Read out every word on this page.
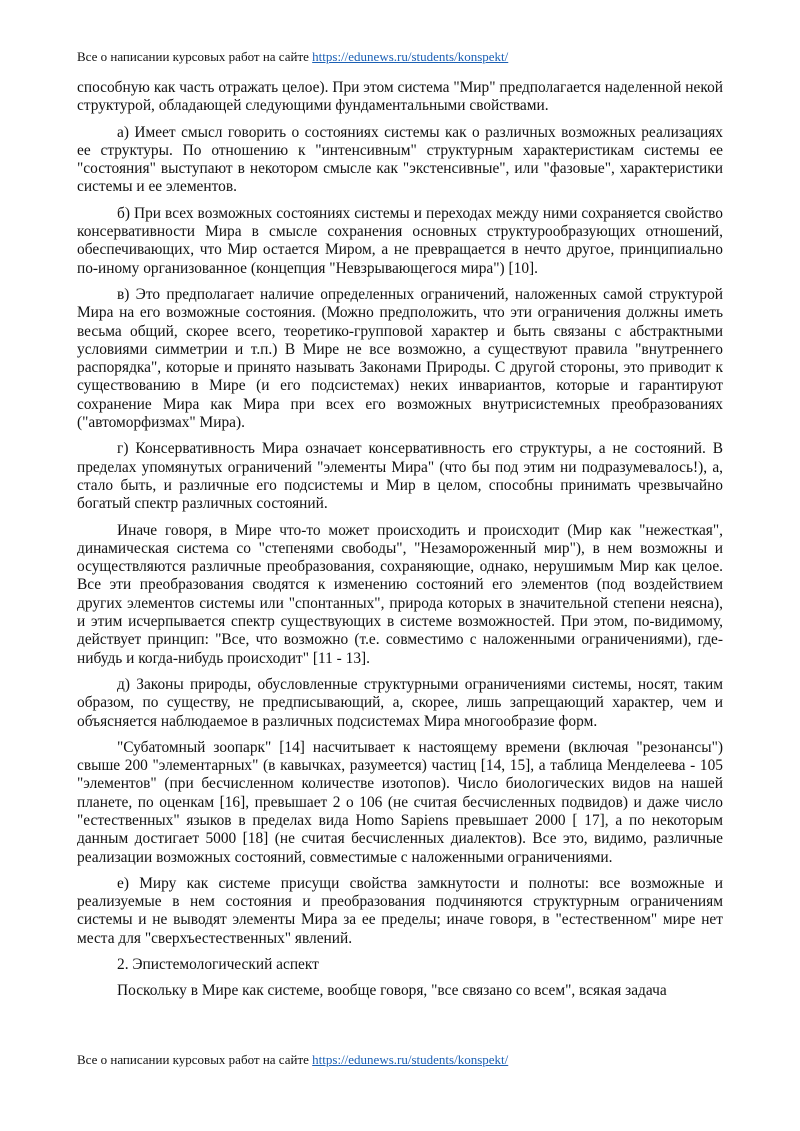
Все о написании курсовых работ на сайте https://edunews.ru/students/konspekt/

способную как часть отражать целое). При этом система "Мир" предполагается наделенной некой структурой, обладающей следующими фундаментальными свойствами.

а) Имеет смысл говорить о состояниях системы как о различных возможных реализациях ее структуры. По отношению к "интенсивным" структурным характеристикам системы ее "состояния" выступают в некотором смысле как "экстенсивные", или "фазовые", характеристики системы и ее элементов.

б) При всех возможных состояниях системы и переходах между ними сохраняется свойство консервативности Мира в смысле сохранения основных структурообразующих отношений, обеспечивающих, что Мир остается Миром, а не превращается в нечто другое, принципиально по-иному организованное (концепция "Невзрывающегося мира") [10].

в) Это предполагает наличие определенных ограничений, наложенных самой структурой Мира на его возможные состояния. (Можно предположить, что эти ограничения должны иметь весьма общий, скорее всего, теоретико-групповой характер и быть связаны с абстрактными условиями симметрии и т.п.) В Мире не все возможно, а существуют правила "внутреннего распорядка", которые и принято называть Законами Природы. С другой стороны, это приводит к существованию в Мире (и его подсистемах) неких инвариантов, которые и гарантируют сохранение Мира как Мира при всех его возможных внутрисистемных преобразованиях ("автоморфизмах" Мира).

г) Консервативность Мира означает консервативность его структуры, а не состояний. В пределах упомянутых ограничений "элементы Мира" (что бы под этим ни подразумевалось!), а, стало быть, и различные его подсистемы и Мир в целом, способны принимать чрезвычайно богатый спектр различных состояний.

Иначе говоря, в Мире что-то может происходить и происходит (Мир как "нежесткая", динамическая система со "степенями свободы", "Незамороженный мир"), в нем возможны и осуществляются различные преобразования, сохраняющие, однако, нерушимым Мир как целое. Все эти преобразования сводятся к изменению состояний его элементов (под воздействием других элементов системы или "спонтанных", природа которых в значительной степени неясна), и этим исчерпывается спектр существующих в системе возможностей. При этом, по-видимому, действует принцип: "Все, что возможно (т.е. совместимо с наложенными ограничениями), где-нибудь и когда-нибудь происходит" [11 - 13].

д) Законы природы, обусловленные структурными ограничениями системы, носят, таким образом, по существу, не предписывающий, а, скорее, лишь запрещающий характер, чем и объясняется наблюдаемое в различных подсистемах Мира многообразие форм.

"Субатомный зоопарк" [14] насчитывает к настоящему времени (включая "резонансы") свыше 200 "элементарных" (в кавычках, разумеется) частиц [14, 15], а таблица Менделеева - 105 "элементов" (при бесчисленном количестве изотопов). Число биологических видов на нашей планете, по оценкам [16], превышает 2 о 106 (не считая бесчисленных подвидов) и даже число "естественных" языков в пределах вида Homo Sapiens превышает 2000 [ 17], а по некоторым данным достигает 5000 [18] (не считая бесчисленных диалектов). Все это, видимо, различные реализации возможных состояний, совместимые с наложенными ограничениями.

е) Миру как системе присущи свойства замкнутости и полноты: все возможные и реализуемые в нем состояния и преобразования подчиняются структурным ограничениям системы и не выводят элементы Мира за ее пределы; иначе говоря, в "естественном" мире нет места для "сверхъестественных" явлений.

2. Эпистемологический аспект

Поскольку в Мире как системе, вообще говоря, "все связано со всем", всякая задача

Все о написании курсовых работ на сайте https://edunews.ru/students/konspekt/
